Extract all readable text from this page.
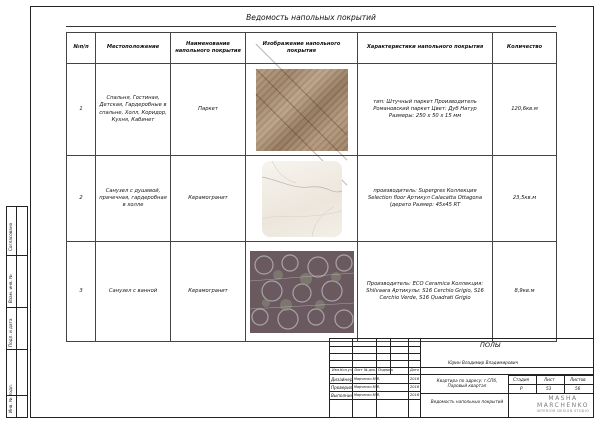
Ведомость напольных покрытий
№п/п	Местоположение	Наименование напольного покрытия	Изображение напольного покрытия	Характеристики напольного покрытия	Количество
1	Спальня, Гостиная, Детская, Гардеробные в спальне, Холл, Коридор, Кухня, Кабинет	Паркет		тип: Штучный паркет Производитель Романовский паркет Цвет: Дуб Натур Размеры: 250 х 50 х 15 мм	120,6кв.м
2	Санузел с душевой, прачечная, гардеробная в холле	Керамогранит		производитель: Supergres Коллекция Selection floor Артикул Calacatta Ottagona (дерато Размер: 45х45 RT	23,5кв.м
3	Санузел с ванной	Керамогранит		Производитель: ECO Ceramica Коллекция: Shilvaara Артикулы: S16 Cerchio Grigio, S16 Cerchio Verde, S16 Quadrati Grigio	8,9кв.м
Согласовано
Взам. инв. №
Подп. и дата
Инв. № подл.
ПОЛЫ
Юрин Владимир Владимирович
Изм. Кол.уч Лист № док. Подпись	Дата
Дизайнер Марченко М.В.	2016
Проверил Марченко М.В.	2016
Выполнил Марченко М.В.	2016
Квартира по адресу: г.СПб, Паровый квартал
Ведомость напольных покрытий
Стадия	Лист	Листов
Р	53	56
MASHA
MARCHENKO
INTERIOR DESIGN STUDIO
